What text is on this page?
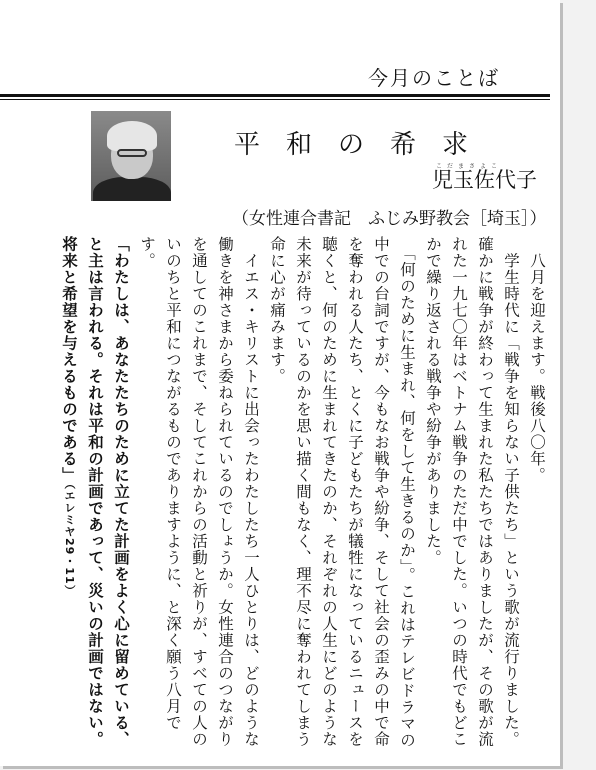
今月のことば
平和の希求
こだまさよこ
児玉佐代子
（女性連合書記　ふじみ野教会［埼玉］）

　八月を迎えます。戦後八〇年。

　学生時代に「戦争を知らない子供たち」という歌が流行りました。確かに戦争が終わって生まれた私たちではありましたが、その歌が流れた一九七〇年はベトナム戦争のただ中でした。いつの時代でもどこかで繰り返される戦争や紛争がありました。

　「何のために生まれ、何をして生きるのか」。これはテレビドラマの中での台詞ですが、今もなお戦争や紛争、そして社会の歪みの中で命を奪われる人たち、とくに子どもたちが犠牲になっているニュースを聴くと、何のために生まれてきたのか、それぞれの人生にどのような未来が待っているのかを思い描く間もなく、理不尽に奪われてしまう命に心が痛みます。

　イエス・キリストに出会ったわたしたち一人ひとりは、どのような働きを神さまから委ねられているのでしょうか。女性連合のつながりを通してのこれまで、そしてこれからの活動と祈りが、すべての人のいのちと平和につながるものでありますように、と深く願う八月です。

「わたしは、あなたたちのために立てた計画をよく心に留めている、と主は言われる。それは平和の計画であって、災いの計画ではない。将来と希望を与えるものである」（エレミヤ29・11）
